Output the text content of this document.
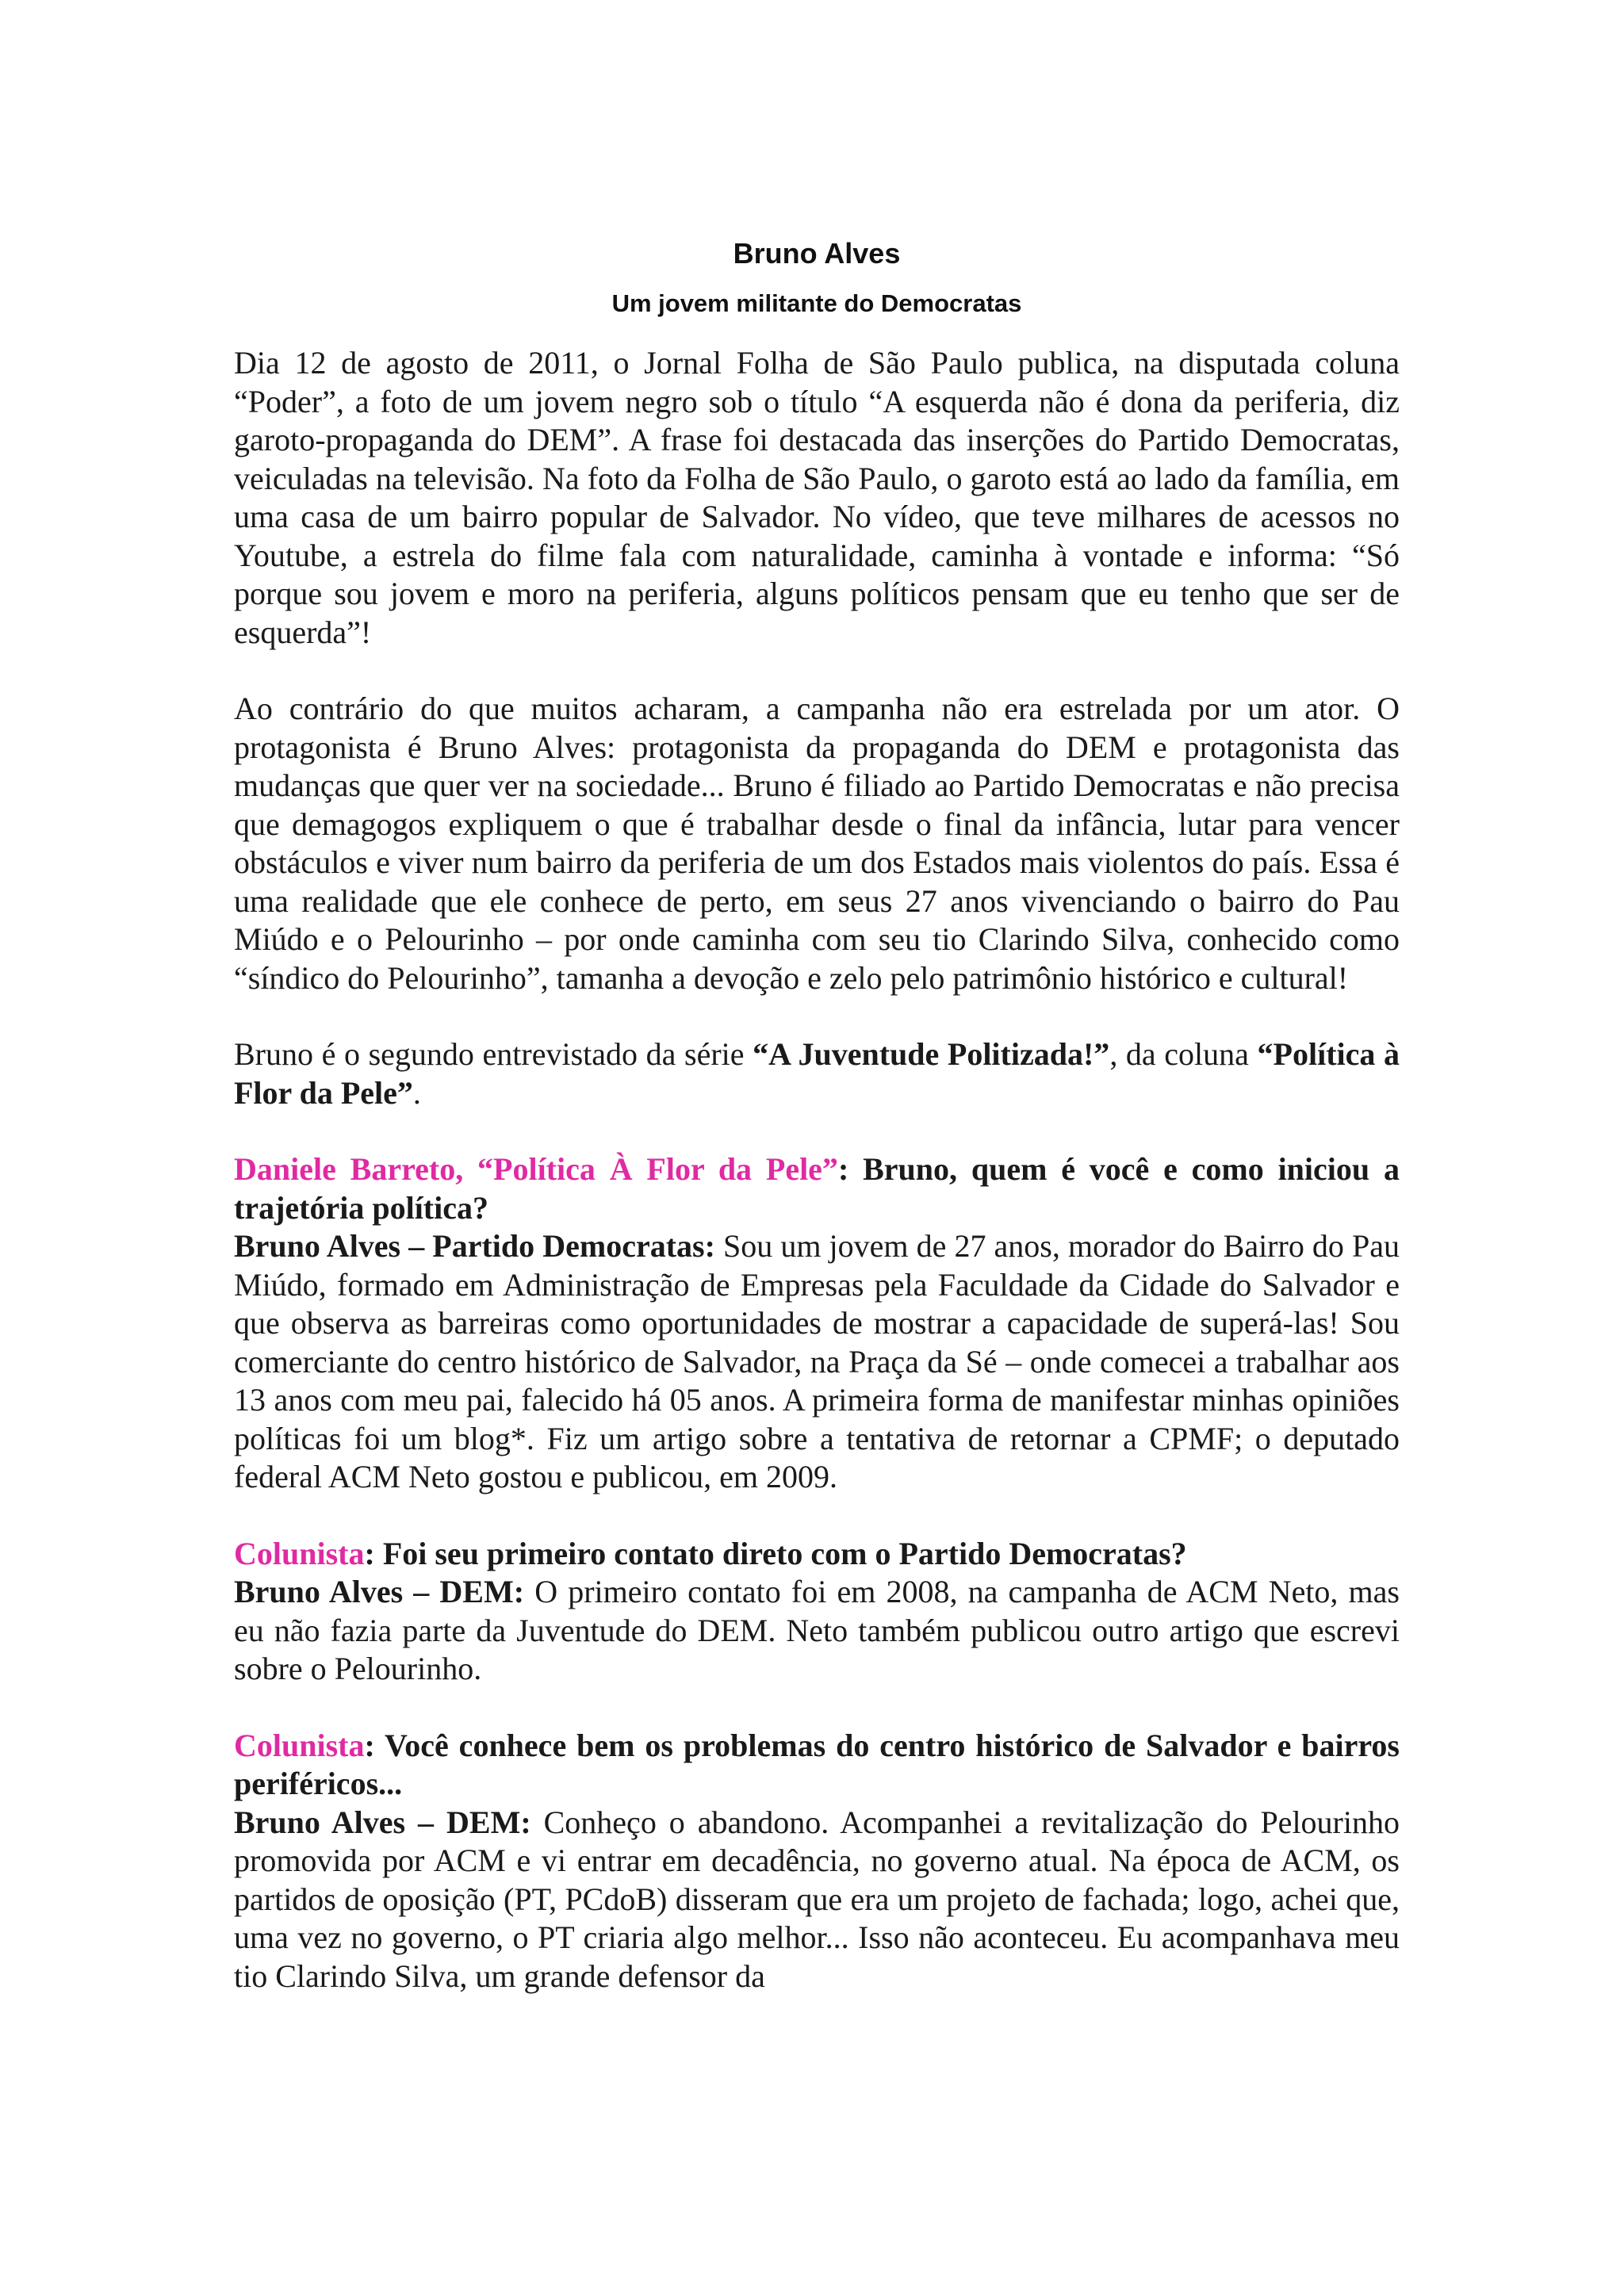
Bruno Alves
Um jovem militante do Democratas

Dia 12 de agosto de 2011, o Jornal Folha de São Paulo publica, na disputada coluna “Poder”, a foto de um jovem negro sob o título “A esquerda não é dona da periferia, diz garoto-propaganda do DEM”. A frase foi destacada das inserções do Partido Democratas, veiculadas na televisão. Na foto da Folha de São Paulo, o garoto está ao lado da família, em uma casa de um bairro popular de Salvador. No vídeo, que teve milhares de acessos no Youtube, a estrela do filme fala com naturalidade, caminha à vontade e informa: “Só porque sou jovem e moro na periferia, alguns políticos pensam que eu tenho que ser de esquerda”!

Ao contrário do que muitos acharam, a campanha não era estrelada por um ator. O protagonista é Bruno Alves: protagonista da propaganda do DEM e protagonista das mudanças que quer ver na sociedade... Bruno é filiado ao Partido Democratas e não precisa que demagogos expliquem o que é trabalhar desde o final da infância, lutar para vencer obstáculos e viver num bairro da periferia de um dos Estados mais violentos do país. Essa é uma realidade que ele conhece de perto, em seus 27 anos vivenciando o bairro do Pau Miúdo e o Pelourinho – por onde caminha com seu tio Clarindo Silva, conhecido como “síndico do Pelourinho”, tamanha a devoção e zelo pelo patrimônio histórico e cultural!

Bruno é o segundo entrevistado da série “A Juventude Politizada!”, da coluna “Política à Flor da Pele”.

Daniele Barreto, “Política À Flor da Pele”: Bruno, quem é você e como iniciou a trajetória política?
Bruno Alves – Partido Democratas: Sou um jovem de 27 anos, morador do Bairro do Pau Miúdo, formado em Administração de Empresas pela Faculdade da Cidade do Salvador e que observa as barreiras como oportunidades de mostrar a capacidade de superá-las! Sou comerciante do centro histórico de Salvador, na Praça da Sé – onde comecei a trabalhar aos 13 anos com meu pai, falecido há 05 anos. A primeira forma de manifestar minhas opiniões políticas foi um blog*. Fiz um artigo sobre a tentativa de retornar a CPMF; o deputado federal ACM Neto gostou e publicou, em 2009.
Colunista: Foi seu primeiro contato direto com o Partido Democratas?
Bruno Alves – DEM: O primeiro contato foi em 2008, na campanha de ACM Neto, mas eu não fazia parte da Juventude do DEM. Neto também publicou outro artigo que escrevi sobre o Pelourinho.
Colunista: Você conhece bem os problemas do centro histórico de Salvador e bairros periféricos...
Bruno Alves – DEM: Conheço o abandono. Acompanhei a revitalização do Pelourinho promovida por ACM e vi entrar em decadência, no governo atual. Na época de ACM, os partidos de oposição (PT, PCdoB) disseram que era um projeto de fachada; logo, achei que, uma vez no governo, o PT criaria algo melhor... Isso não aconteceu. Eu acompanhava meu tio Clarindo Silva, um grande defensor da
